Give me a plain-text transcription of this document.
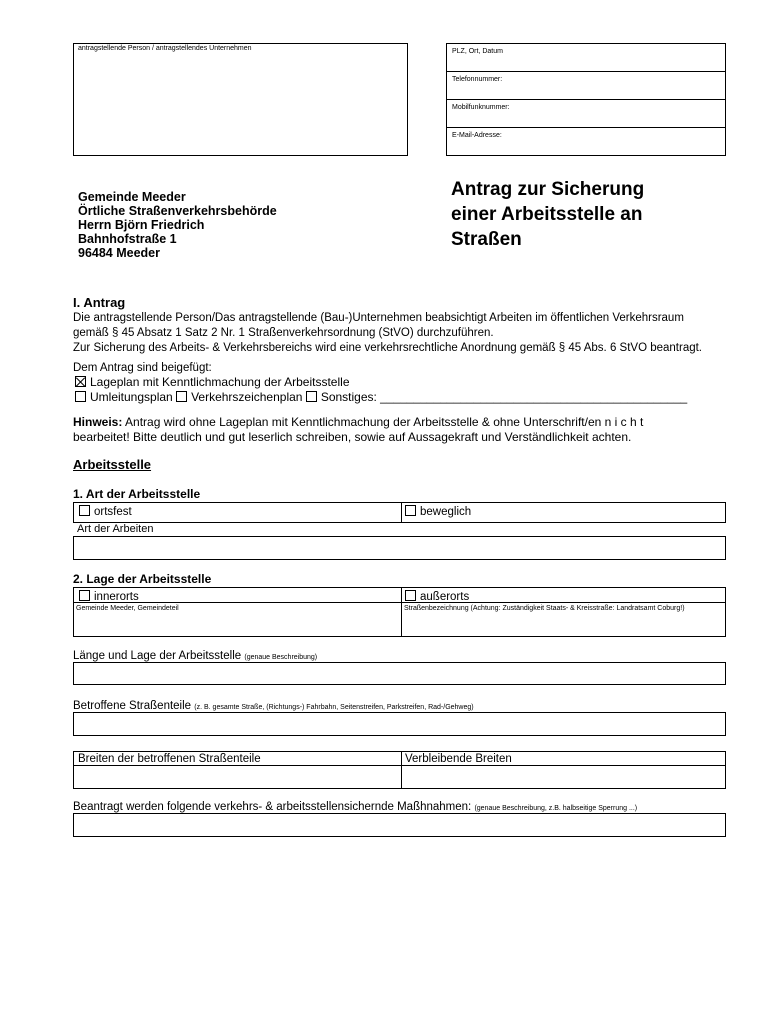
antragstellende Person / antragstellendes Unternehmen	PLZ, Ort, Datum
Telefonnummer:
Mobilfunknummer:
E-Mail-Adresse:
Gemeinde Meeder
Örtliche Straßenverkehrsbehörde
Herrn Björn Friedrich
Bahnhofstraße 1
96484 Meeder
Antrag zur Sicherung
einer Arbeitsstelle an
Straßen
I. Antrag
Die antragstellende Person/Das antragstellende (Bau-)Unternehmen beabsichtigt Arbeiten im öffentlichen Verkehrsraum
gemäß § 45 Absatz 1 Satz 2 Nr. 1 Straßenverkehrsordnung (StVO) durchzuführen.
Zur Sicherung des Arbeits- & Verkehrsbereichs wird eine verkehrsrechtliche Anordnung gemäß § 45 Abs. 6 StVO beantragt.
Dem Antrag sind beigefügt:
Lageplan mit Kenntlichmachung der Arbeitsstelle
Umleitungsplan Verkehrszeichenplan Sonstiges: ______________________________________________
Hinweis: Antrag wird ohne Lageplan mit Kenntlichmachung der Arbeitsstelle & ohne Unterschrift/en n i c h t
bearbeitet! Bitte deutlich und gut leserlich schreiben, sowie auf Aussagekraft und Verständlichkeit achten.
Arbeitsstelle
1. Art der Arbeitsstelle
ortsfest	beweglich
Art der Arbeiten
2. Lage der Arbeitsstelle
innerorts	außerorts
Gemeinde Meeder, Gemeindeteil	Straßenbezeichnung (Achtung: Zuständigkeit Staats- & Kreisstraße: Landratsamt Coburg!)
Länge und Lage der Arbeitsstelle (genaue Beschreibung)
Betroffene Straßenteile (z. B. gesamte Straße, (Richtungs-) Fahrbahn, Seitenstreifen, Parkstreifen, Rad-/Gehweg)
Breiten der betroffenen Straßenteile	Verbleibende Breiten
Beantragt werden folgende verkehrs- & arbeitsstellensichernde Maßhnahmen: (genaue Beschreibung, z.B. halbseitige Sperrung ...)
